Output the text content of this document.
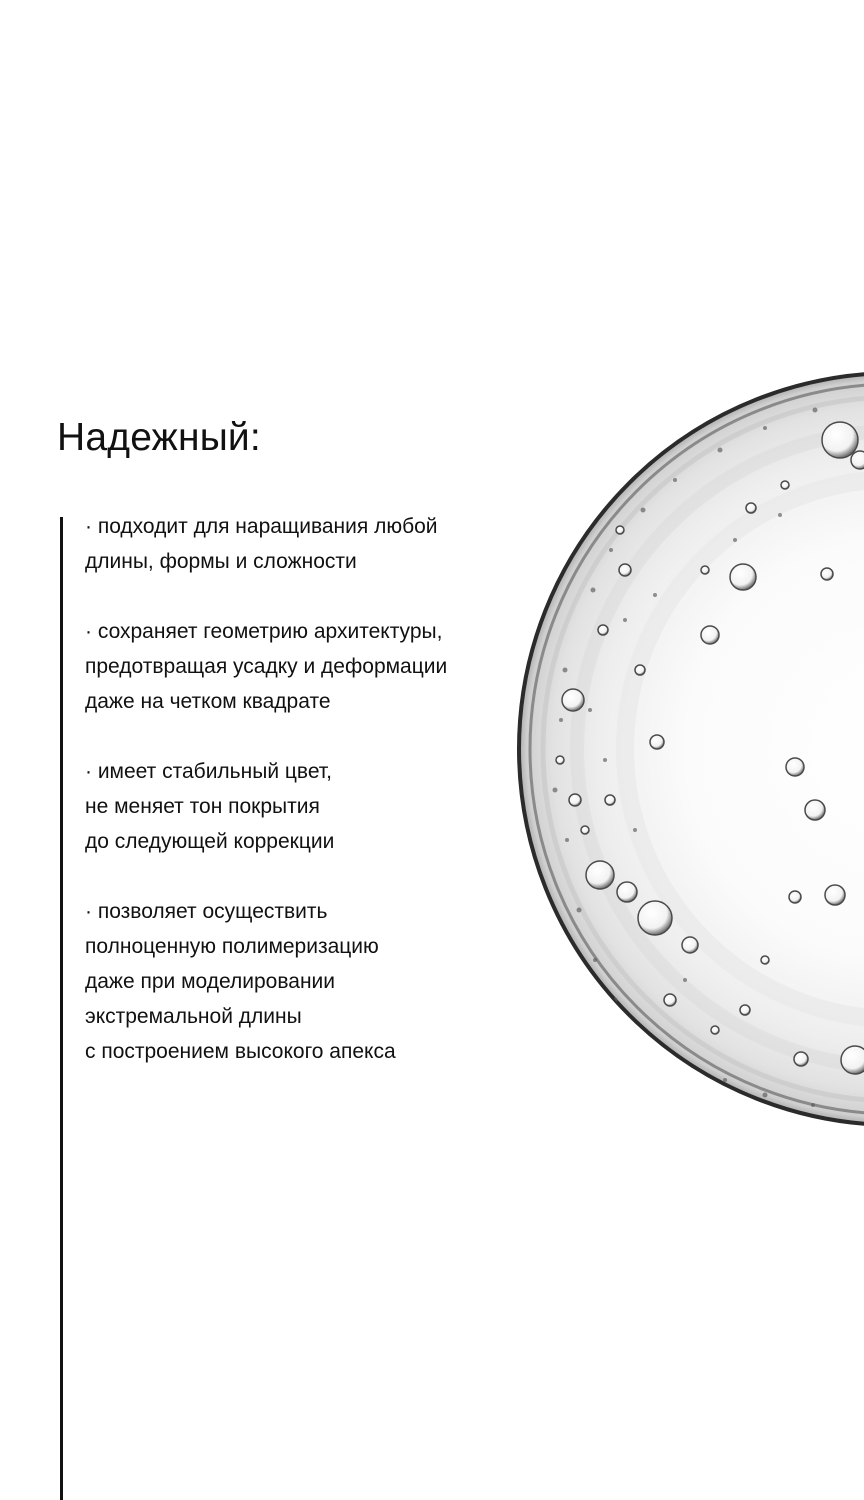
Надежный:
· подходит для наращивания любой
длины, формы и сложности
· сохраняет геометрию архитектуры,
предотвращая усадку и деформации
даже на четком квадрате
· имеет стабильный цвет,
не меняет тон покрытия
до следующей коррекции
· позволяет осуществить
полноценную полимеризацию
даже при моделировании
экстремальной длины
с построением высокого апекса
